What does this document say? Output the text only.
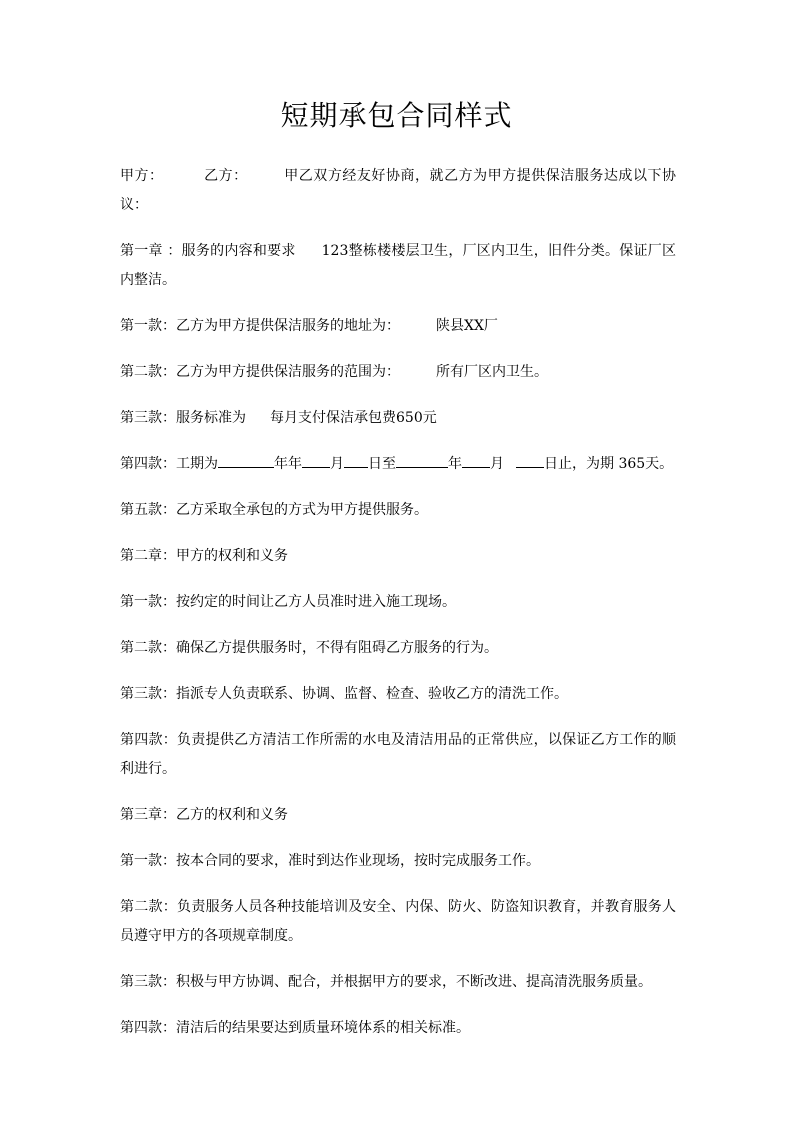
短期承包合同样式

甲方：	乙方：	甲乙双方经友好协商，就乙方为甲方提供保洁服务达成以下协议：

第一章 ：服务的内容和要求 123整栋楼楼层卫生，厂区内卫生，旧件分类。保证厂区内整洁。

第一款：乙方为甲方提供保洁服务的地址为：	陕县XX厂

第二款：乙方为甲方提供保洁服务的范围为：	所有厂区内卫生。

第三款：服务标准为 每月支付保洁承包费650元

第四款：工期为	年年 月 日至	年 月	日止，为期 365天。

第五款：乙方采取全承包的方式为甲方提供服务。

第二章：甲方的权利和义务

第一款：按约定的时间让乙方人员准时进入施工现场。

第二款：确保乙方提供服务时，不得有阻碍乙方服务的行为。

第三款：指派专人负责联系、协调、监督、检查、验收乙方的清洗工作。

第四款：负责提供乙方清洁工作所需的水电及清洁用品的正常供应，以保证乙方工作的顺利进行。

第三章：乙方的权利和义务

第一款：按本合同的要求，准时到达作业现场，按时完成服务工作。

第二款：负责服务人员各种技能培训及安全、内保、防火、防盗知识教育，并教育服务人员遵守甲方的各项规章制度。

第三款：积极与甲方协调、配合，并根据甲方的要求，不断改进、提高清洗服务质量。

第四款：清洁后的结果要达到质量环境体系的相关标准。
